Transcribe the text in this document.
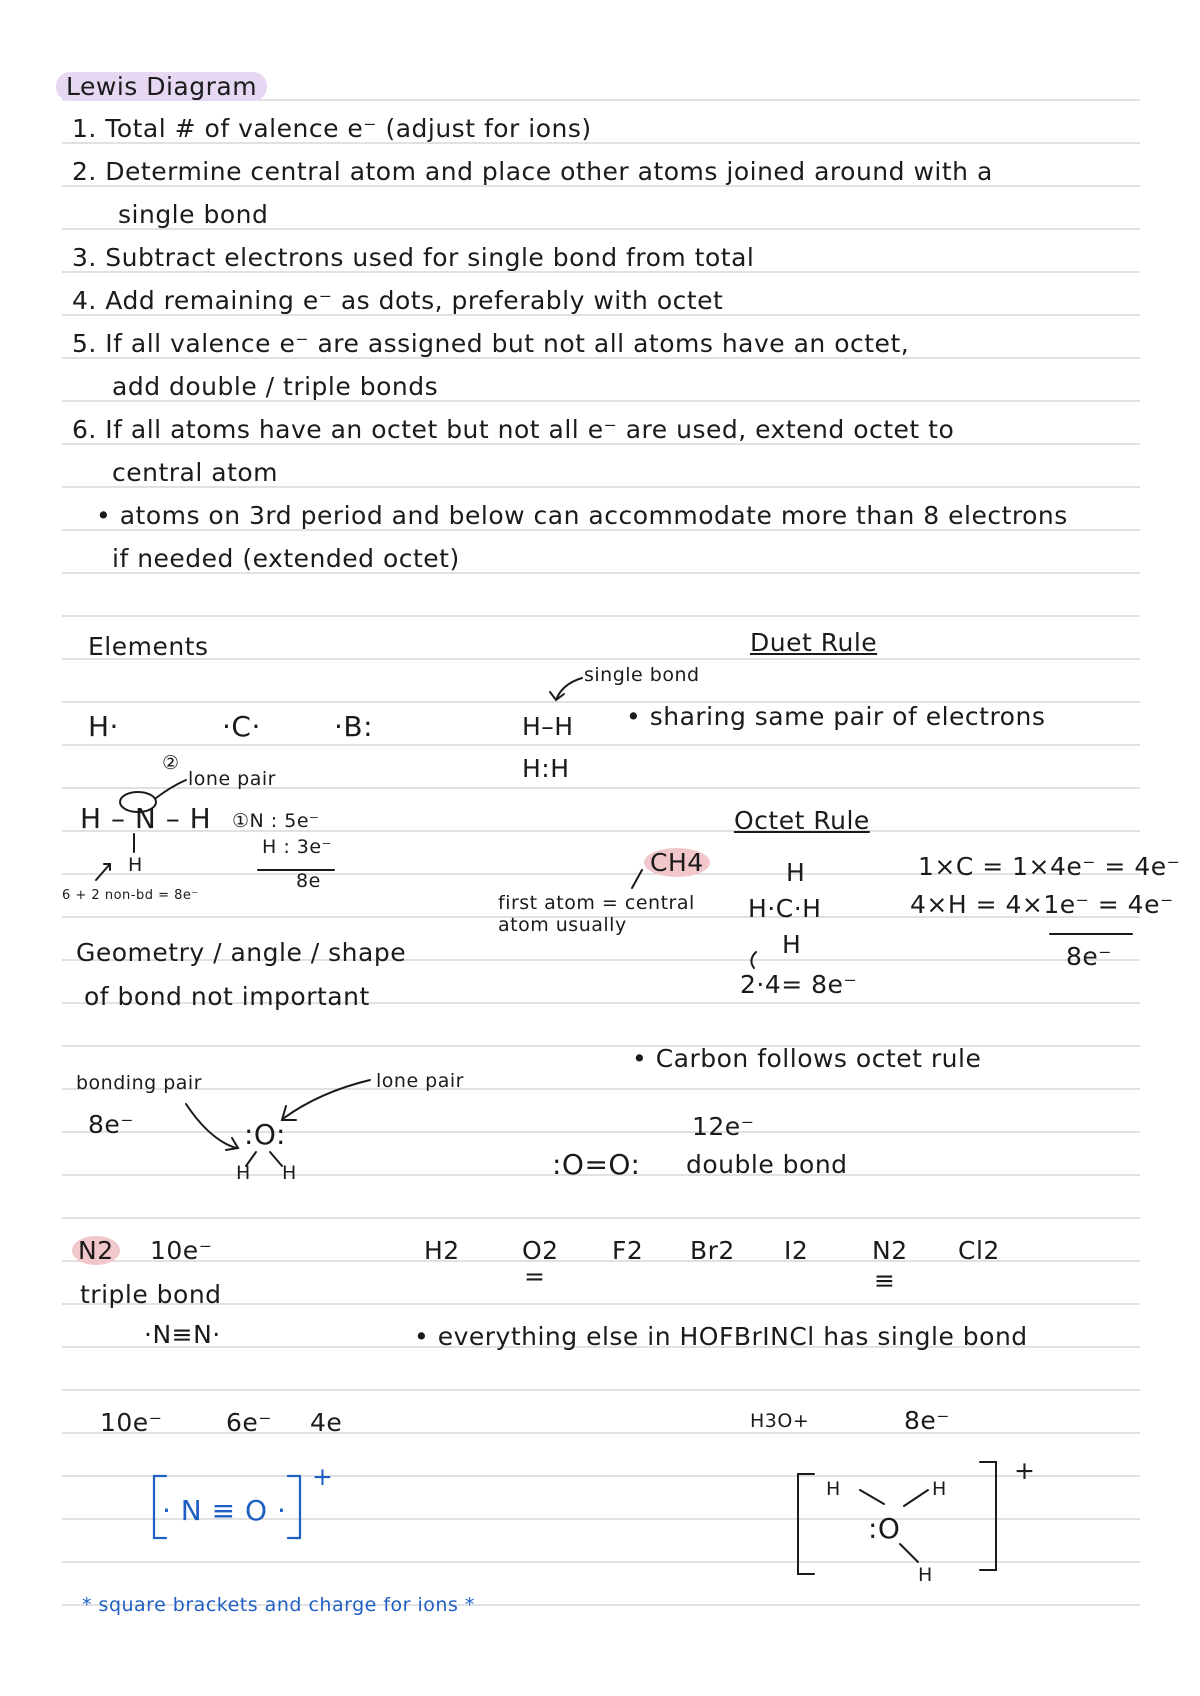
Lewis Diagram
1. Total # of valence e⁻ (adjust for ions)
2. Determine central atom and place other atoms joined around with a
single bond
3. Subtract electrons used for single bond from total
4. Add remaining e⁻ as dots, preferably with octet
5. If all valence e⁻ are assigned but not all atoms have an octet,
add double / triple bonds
6. If all atoms have an octet but not all e⁻ are used, extend octet to
central atom
• atoms on 3rd period and below can accommodate more than 8 electrons
if needed (extended octet)
Elements
H·	·C·	·B:
②
lone pair
H – N – H
H
①N : 5e⁻
H : 3e⁻
8e
6 + 2 non-bd = 8e⁻
Duet Rule
single bond
H–H
H:H
• sharing same pair of electrons
Octet Rule
CH4
first atom = central
atom usually
H
H·C·H
H
2·4= 8e⁻
1×C = 1×4e⁻ = 4e⁻
4×H = 4×1e⁻ = 4e⁻
8e⁻
Geometry / angle / shape
of bond not important
bonding pair
8e⁻
lone pair
:O:
H H
• Carbon follows octet rule
:O=O:
12e⁻
double bond
N2 10e⁻
triple bond
·N≡N·
H2 O2 F2 Br2 I2	N2 Cl2
=	≡
• everything else in HOFBrINCl has single bond
10e⁻	6e⁻ 4e
· N ≡ O ·
+
H3O+	8e⁻
H	H
:O
H
+
* square brackets and charge for ions *
